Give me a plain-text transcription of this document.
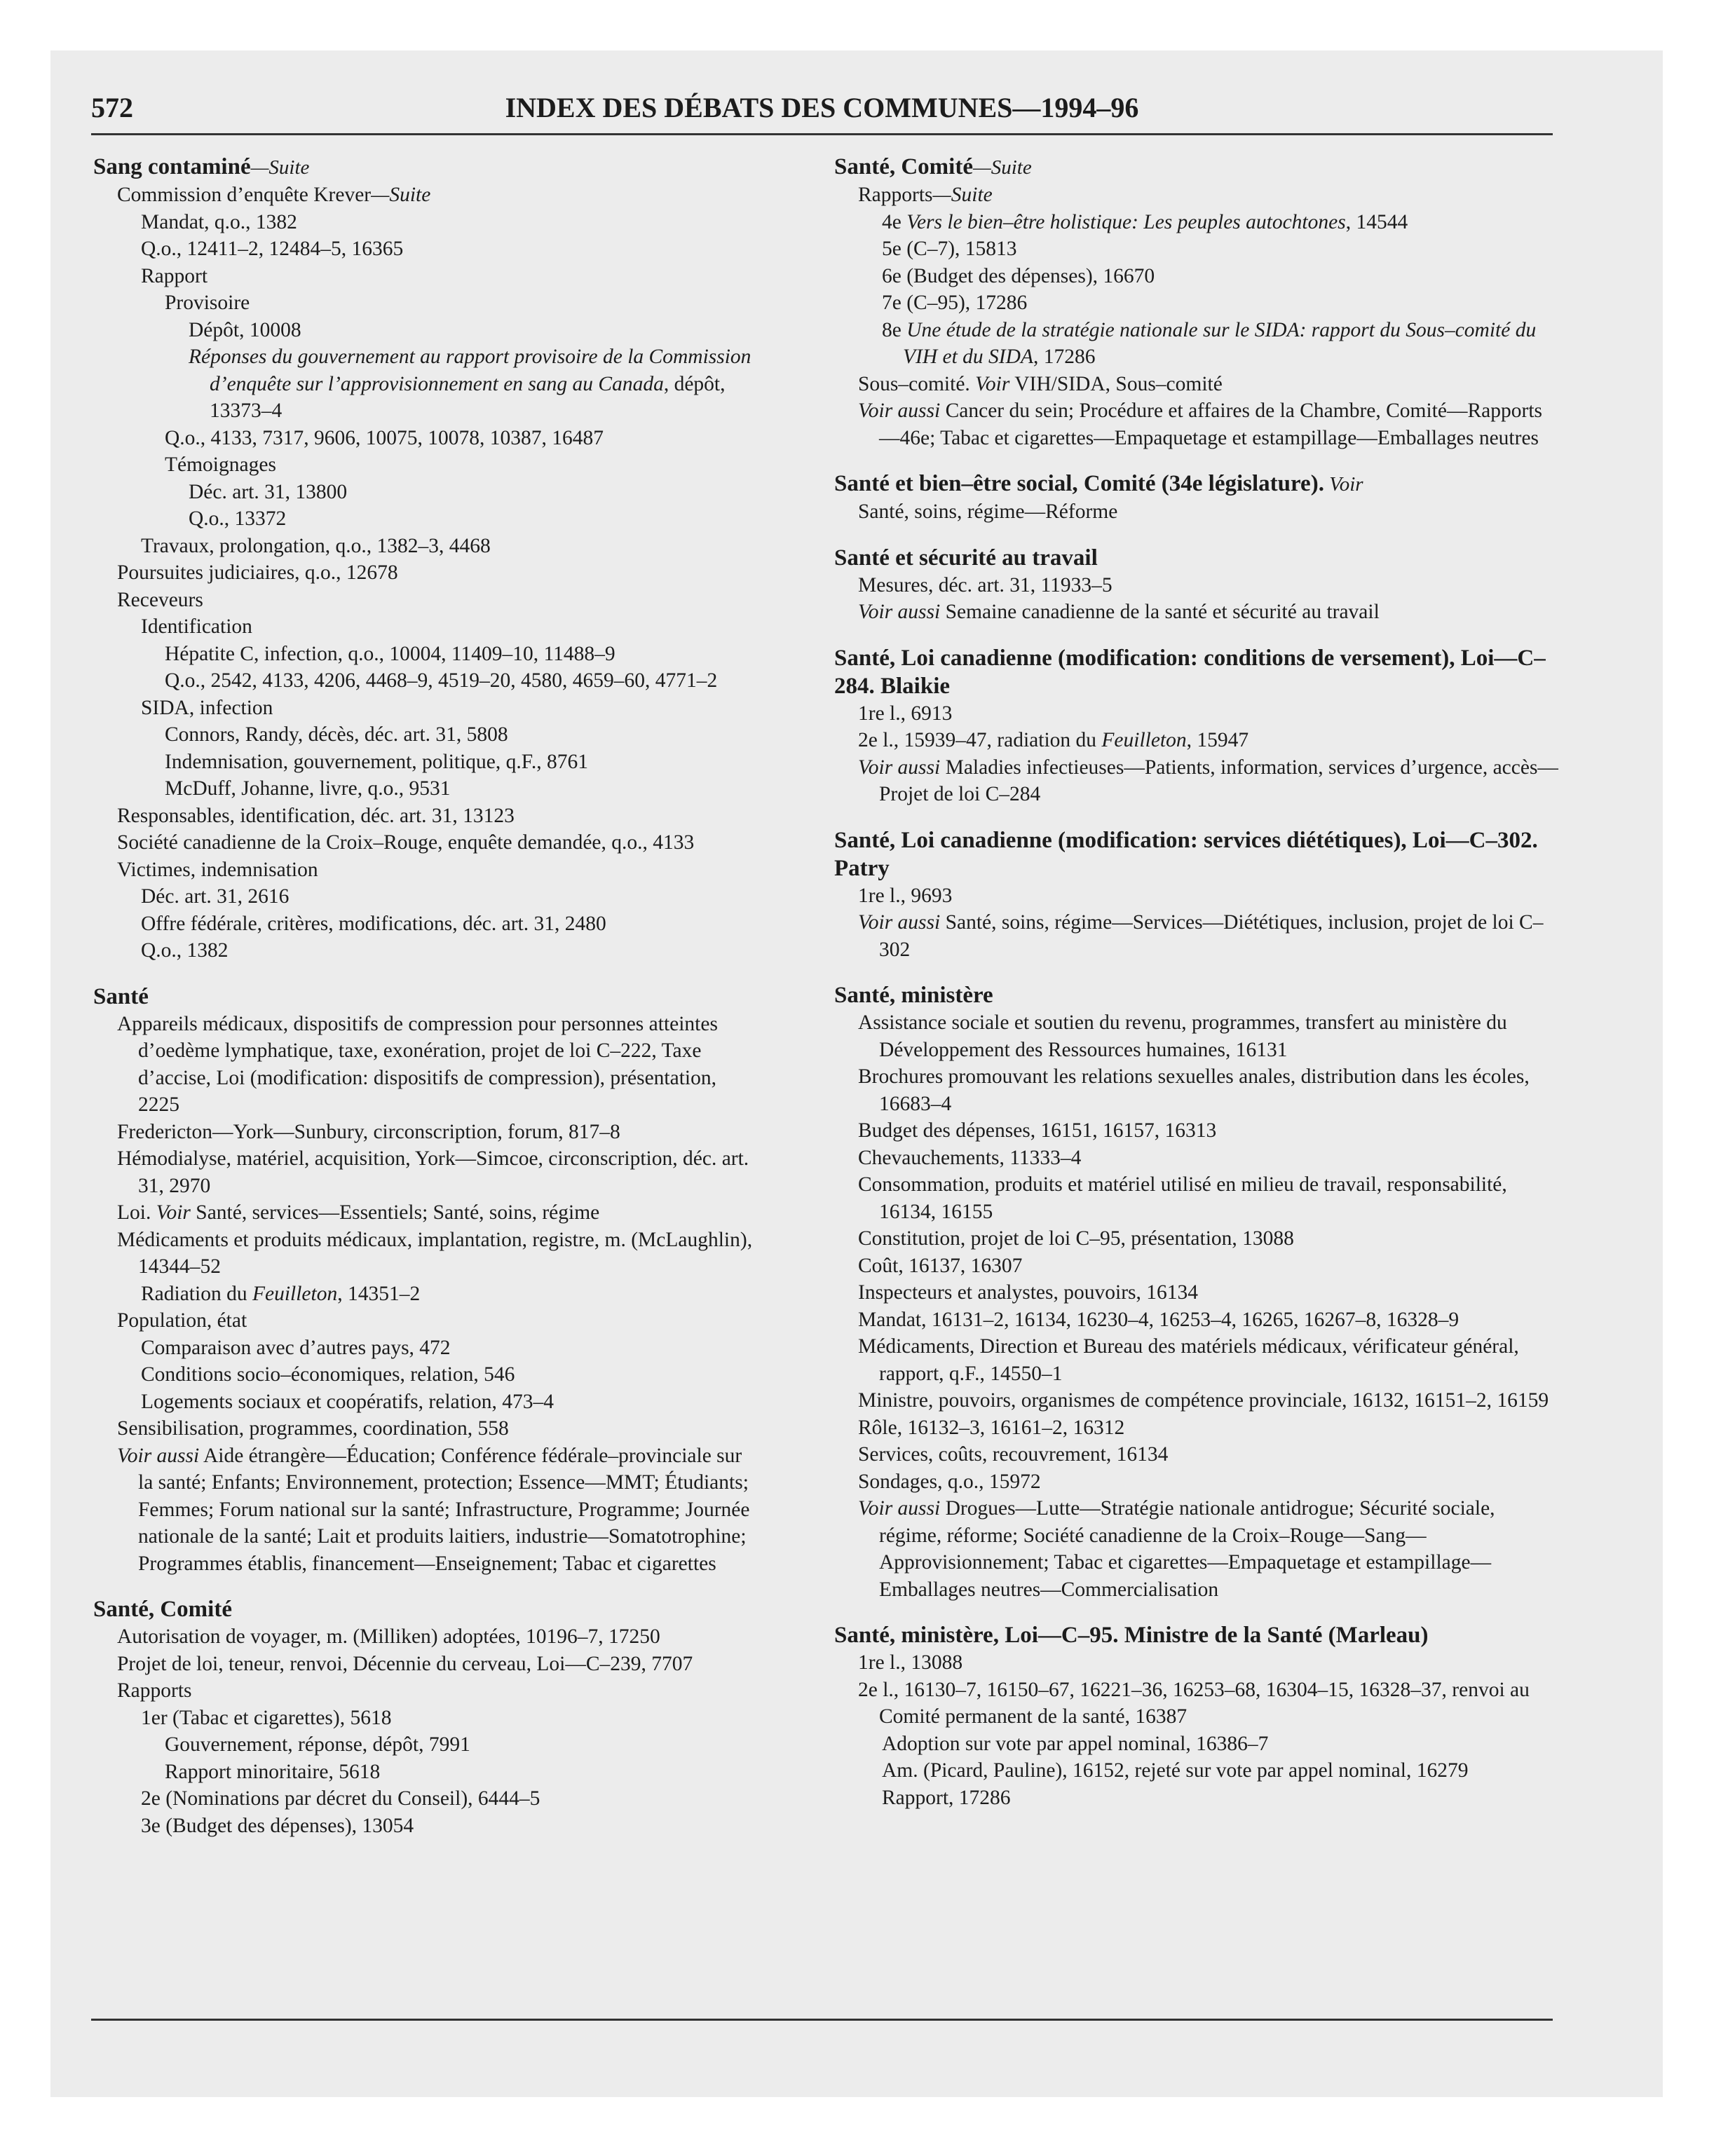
572	INDEX DES DÉBATS DES COMMUNES—1994–96
Sang contaminé—Suite
Commission d’enquête Krever—Suite
Mandat, q.o., 1382
Q.o., 12411–2, 12484–5, 16365
Rapport
Provisoire
Dépôt, 10008
Réponses du gouvernement au rapport provisoire de la Commission d’enquête sur l’approvisionnement en sang au Canada, dépôt, 13373–4
Q.o., 4133, 7317, 9606, 10075, 10078, 10387, 16487
Témoignages
Déc. art. 31, 13800
Q.o., 13372
Travaux, prolongation, q.o., 1382–3, 4468
Poursuites judiciaires, q.o., 12678
Receveurs
Identification
Hépatite C, infection, q.o., 10004, 11409–10, 11488–9
Q.o., 2542, 4133, 4206, 4468–9, 4519–20, 4580, 4659–60, 4771–2
SIDA, infection
Connors, Randy, décès, déc. art. 31, 5808
Indemnisation, gouvernement, politique, q.F., 8761
McDuff, Johanne, livre, q.o., 9531
Responsables, identification, déc. art. 31, 13123
Société canadienne de la Croix–Rouge, enquête demandée, q.o., 4133
Victimes, indemnisation
Déc. art. 31, 2616
Offre fédérale, critères, modifications, déc. art. 31, 2480
Q.o., 1382
Santé
Appareils médicaux, dispositifs de compression pour personnes atteintes d’oedème lymphatique, taxe, exonération, projet de loi C–222, Taxe d’accise, Loi (modification: dispositifs de compression), présentation, 2225
Fredericton—York—Sunbury, circonscription, forum, 817–8
Hémodialyse, matériel, acquisition, York—Simcoe, circonscription, déc. art. 31, 2970
Loi. Voir Santé, services—Essentiels; Santé, soins, régime
Médicaments et produits médicaux, implantation, registre, m. (McLaughlin), 14344–52
Radiation du Feuilleton, 14351–2
Population, état
Comparaison avec d’autres pays, 472
Conditions socio–économiques, relation, 546
Logements sociaux et coopératifs, relation, 473–4
Sensibilisation, programmes, coordination, 558
Voir aussi Aide étrangère—Éducation; Conférence fédérale–provinciale sur la santé; Enfants; Environnement, protection; Essence—MMT; Étudiants; Femmes; Forum national sur la santé; Infrastructure, Programme; Journée nationale de la santé; Lait et produits laitiers, industrie—Somatotrophine; Programmes établis, financement—Enseignement; Tabac et cigarettes
Santé, Comité
Autorisation de voyager, m. (Milliken) adoptées, 10196–7, 17250
Projet de loi, teneur, renvoi, Décennie du cerveau, Loi—C–239, 7707
Rapports
1er (Tabac et cigarettes), 5618
Gouvernement, réponse, dépôt, 7991
Rapport minoritaire, 5618
2e (Nominations par décret du Conseil), 6444–5
3e (Budget des dépenses), 13054
Santé, Comité—Suite
Rapports—Suite
4e Vers le bien–être holistique: Les peuples autochtones, 14544
5e (C–7), 15813
6e (Budget des dépenses), 16670
7e (C–95), 17286
8e Une étude de la stratégie nationale sur le SIDA: rapport du Sous–comité du VIH et du SIDA, 17286
Sous–comité. Voir VIH/SIDA, Sous–comité
Voir aussi Cancer du sein; Procédure et affaires de la Chambre, Comité—Rapports—46e; Tabac et cigarettes—Empaquetage et estampillage—Emballages neutres
Santé et bien–être social, Comité (34e législature). Voir
Santé, soins, régime—Réforme
Santé et sécurité au travail
Mesures, déc. art. 31, 11933–5
Voir aussi Semaine canadienne de la santé et sécurité au travail
Santé, Loi canadienne (modification: conditions de versement), Loi—C–284. Blaikie
1re l., 6913
2e l., 15939–47, radiation du Feuilleton, 15947
Voir aussi Maladies infectieuses—Patients, information, services d’urgence, accès—Projet de loi C–284
Santé, Loi canadienne (modification: services diététiques), Loi—C–302. Patry
1re l., 9693
Voir aussi Santé, soins, régime—Services—Diététiques, inclusion, projet de loi C–302
Santé, ministère
Assistance sociale et soutien du revenu, programmes, transfert au ministère du Développement des Ressources humaines, 16131
Brochures promouvant les relations sexuelles anales, distribution dans les écoles, 16683–4
Budget des dépenses, 16151, 16157, 16313
Chevauchements, 11333–4
Consommation, produits et matériel utilisé en milieu de travail, responsabilité, 16134, 16155
Constitution, projet de loi C–95, présentation, 13088
Coût, 16137, 16307
Inspecteurs et analystes, pouvoirs, 16134
Mandat, 16131–2, 16134, 16230–4, 16253–4, 16265, 16267–8, 16328–9
Médicaments, Direction et Bureau des matériels médicaux, vérificateur général, rapport, q.F., 14550–1
Ministre, pouvoirs, organismes de compétence provinciale, 16132, 16151–2, 16159
Rôle, 16132–3, 16161–2, 16312
Services, coûts, recouvrement, 16134
Sondages, q.o., 15972
Voir aussi Drogues—Lutte—Stratégie nationale antidrogue; Sécurité sociale, régime, réforme; Société canadienne de la Croix–Rouge—Sang—Approvisionnement; Tabac et cigarettes—Empaquetage et estampillage—Emballages neutres—Commercialisation
Santé, ministère, Loi—C–95. Ministre de la Santé (Marleau)
1re l., 13088
2e l., 16130–7, 16150–67, 16221–36, 16253–68, 16304–15, 16328–37, renvoi au Comité permanent de la santé, 16387
Adoption sur vote par appel nominal, 16386–7
Am. (Picard, Pauline), 16152, rejeté sur vote par appel nominal, 16279
Rapport, 17286
